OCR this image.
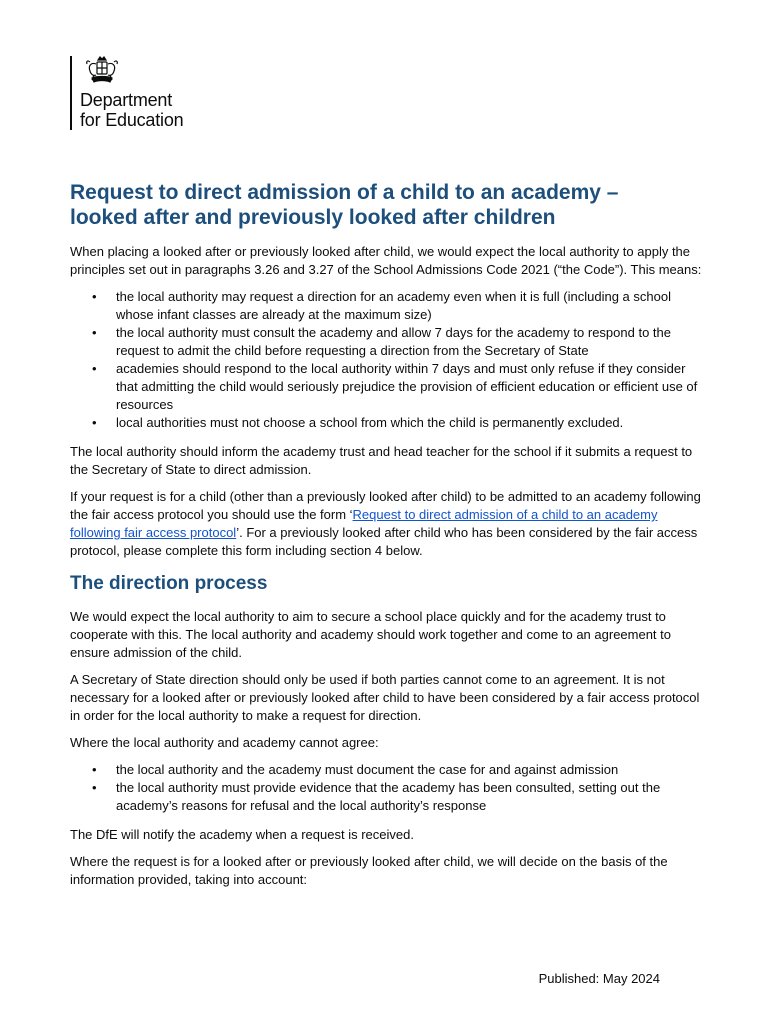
Department
for Education
Request to direct admission of a child to an academy –
looked after and previously looked after children

When placing a looked after or previously looked after child, we would expect the local authority to apply the principles set out in paragraphs 3.26 and 3.27 of the School Admissions Code 2021 (“the Code”). This means:

• the local authority may request a direction for an academy even when it is full (including a school whose infant classes are already at the maximum size)
• the local authority must consult the academy and allow 7 days for the academy to respond to the request to admit the child before requesting a direction from the Secretary of State
• academies should respond to the local authority within 7 days and must only refuse if they consider that admitting the child would seriously prejudice the provision of efficient education or efficient use of resources
• local authorities must not choose a school from which the child is permanently excluded.

The local authority should inform the academy trust and head teacher for the school if it submits a request to the Secretary of State to direct admission.

If your request is for a child (other than a previously looked after child) to be admitted to an academy following the fair access protocol you should use the form ‘Request to direct admission of a child to an academy following fair access protocol’. For a previously looked after child who has been considered by the fair access protocol, please complete this form including section 4 below.

The direction process

We would expect the local authority to aim to secure a school place quickly and for the academy trust to cooperate with this. The local authority and academy should work together and come to an agreement to ensure admission of the child.

A Secretary of State direction should only be used if both parties cannot come to an agreement. It is not necessary for a looked after or previously looked after child to have been considered by a fair access protocol in order for the local authority to make a request for direction.

Where the local authority and academy cannot agree:

• the local authority and the academy must document the case for and against admission
• the local authority must provide evidence that the academy has been consulted, setting out the academy’s reasons for refusal and the local authority’s response

The DfE will notify the academy when a request is received.

Where the request is for a looked after or previously looked after child, we will decide on the basis of the information provided, taking into account:

Published: May 2024
